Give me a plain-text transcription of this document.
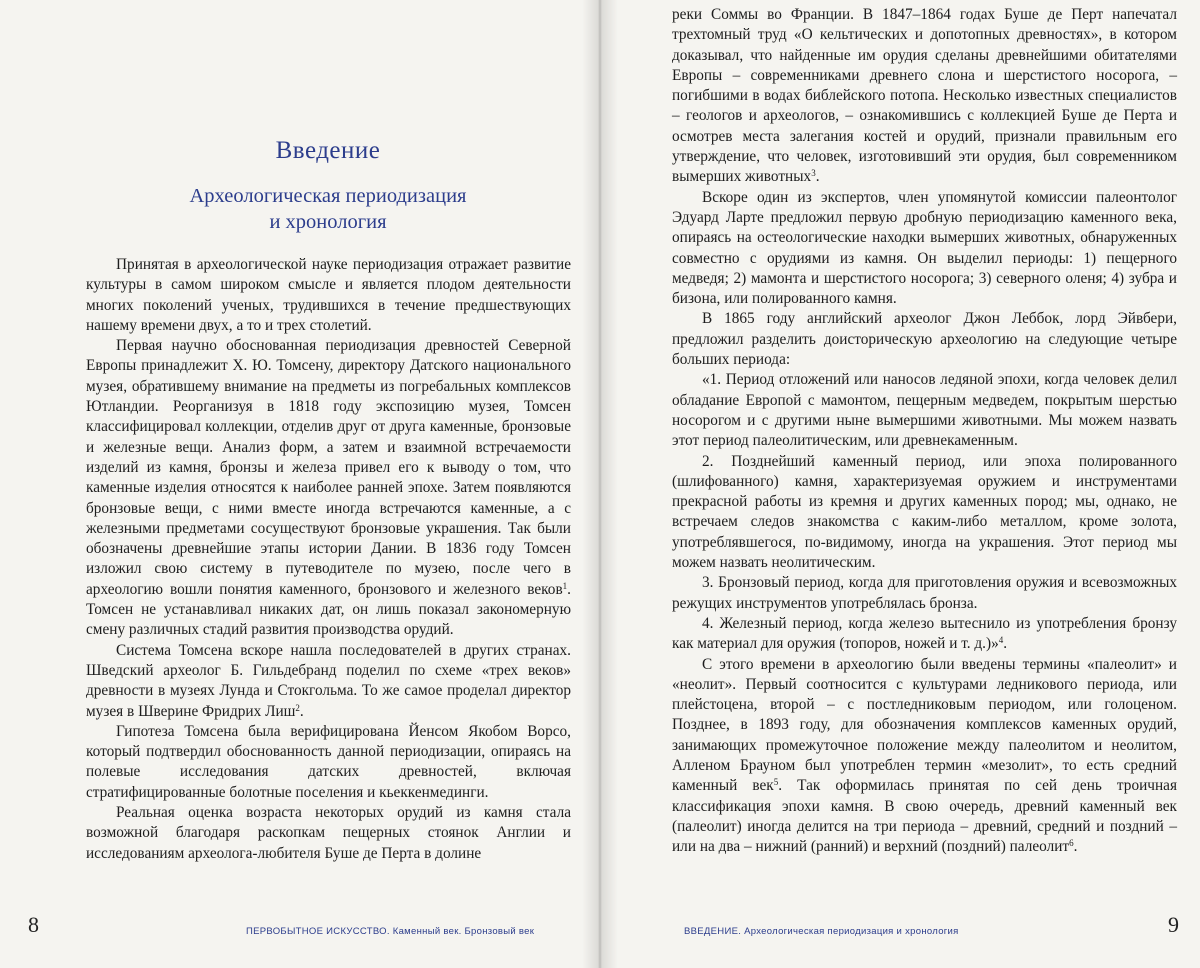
Введение
Археологическая периодизация
и хронология

Принятая в археологической науке периодизация отражает развитие культуры в самом широком смысле и является плодом деятельности многих поколений ученых, трудившихся в течение предшествующих нашему времени двух, а то и трех столетий.

Первая научно обоснованная периодизация древностей Северной Европы принадлежит Х. Ю. Томсену, директору Датского национального музея, обратившему внимание на предметы из погребальных комплексов Ютландии. Реорганизуя в 1818 году экспозицию музея, Томсен классифицировал коллекции, отделив друг от друга каменные, бронзовые и железные вещи. Анализ форм, а затем и взаимной встречаемости изделий из камня, бронзы и железа привел его к выводу о том, что каменные изделия относятся к наиболее ранней эпохе. Затем появляются бронзовые вещи, с ними вместе иногда встречаются каменные, а с железными предметами сосуществуют бронзовые украшения. Так были обозначены древнейшие этапы истории Дании. В 1836 году Томсен изложил свою систему в путеводителе по музею, после чего в археологию вошли понятия каменного, бронзового и железного веков$^1$. Томсен не устанавливал никаких дат, он лишь показал закономерную смену различных стадий развития производства орудий.

Система Томсена вскоре нашла последователей в других странах. Шведский археолог Б. Гильдебранд поделил по схеме «трех веков» древности в музеях Лунда и Стокгольма. То же самое проделал директор музея в Шверине Фридрих Лиш$^2$.

Гипотеза Томсена была верифицирована Йенсом Якобом Ворсо, который подтвердил обоснованность данной периодизации, опираясь на полевые исследования датских древностей, включая стратифицированные болотные поселения и кьеккенмединги.

Реальная оценка возраста некоторых орудий из камня стала возможной благодаря раскопкам пещерных стоянок Англии и исследованиям археолога-любителя Буше де Перта в долине

8	ПЕРВОБЫТНОЕ ИСКУССТВО. Каменный век. Бронзовый век

реки Соммы во Франции. В 1847–1864 годах Буше де Перт напечатал трехтомный труд «О кельтических и допотопных древностях», в котором доказывал, что найденные им орудия сделаны древнейшими обитателями Европы – современниками древнего слона и шерстистого носорога, – погибшими в водах библейского потопа. Несколько известных специалистов – геологов и археологов, – ознакомившись с коллекцией Буше де Перта и осмотрев места залегания костей и орудий, признали правильным его утверждение, что человек, изготовивший эти орудия, был современником вымерших животных$^3$.

Вскоре один из экспертов, член упомянутой комиссии палеонтолог Эдуард Ларте предложил первую дробную периодизацию каменного века, опираясь на остеологические находки вымерших животных, обнаруженных совместно с орудиями из камня. Он выделил периоды: 1) пещерного медведя; 2) мамонта и шерстистого носорога; 3) северного оленя; 4) зубра и бизона, или полированного камня.

В 1865 году английский археолог Джон Леббок, лорд Эйвбери, предложил разделить доисторическую археологию на следующие четыре больших периода:

«1. Период отложений или наносов ледяной эпохи, когда человек делил обладание Европой с мамонтом, пещерным медведем, покрытым шерстью носорогом и с другими ныне вымершими животными. Мы можем назвать этот период палеолитическим, или древнекаменным.

2. Позднейший каменный период, или эпоха полированного (шлифованного) камня, характеризуемая оружием и инструментами прекрасной работы из кремня и других каменных пород; мы, однако, не встречаем следов знакомства с каким-либо металлом, кроме золота, употреблявшегося, по-видимому, иногда на украшения. Этот период мы можем назвать неолитическим.

3. Бронзовый период, когда для приготовления оружия и всевозможных режущих инструментов употреблялась бронза.

4. Железный период, когда железо вытеснило из употребления бронзу как материал для оружия (топоров, ножей и т. д.)»$^4$.

С этого времени в археологию были введены термины «палеолит» и «неолит». Первый соотносится с культурами ледникового периода, или плейстоцена, второй – с постледниковым периодом, или голоценом. Позднее, в 1893 году, для обозначения комплексов каменных орудий, занимающих промежуточное положение между палеолитом и неолитом, Алленом Брауном был употреблен термин «мезолит», то есть средний каменный век$^5$. Так оформилась принятая по сей день троичная классификация эпохи камня. В свою очередь, древний каменный век (палеолит) иногда делится на три периода – древний, средний и поздний – или на два – нижний (ранний) и верхний (поздний) палеолит$^6$.

9
ВВЕДЕНИЕ. Археологическая периодизация и хронология
